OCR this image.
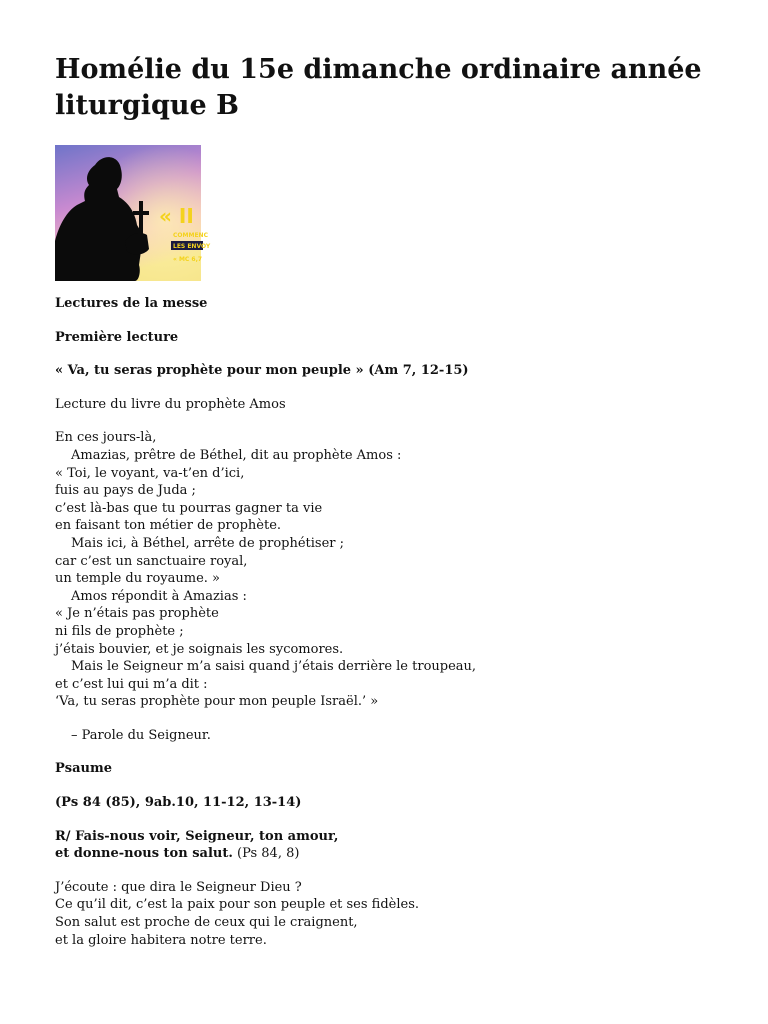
Homélie du 15e dimanche ordinaire année liturgique B
« II
COMMENC
LES ENVOY
« MC 6,7

Lectures de la messe

Première lecture

« Va, tu seras prophète pour mon peuple » (Am 7, 12-15)

Lecture du livre du prophète Amos

En ces jours-là,
Amazias, prêtre de Béthel, dit au prophète Amos :
« Toi, le voyant, va-t’en d’ici,
fuis au pays de Juda ;
c’est là-bas que tu pourras gagner ta vie
en faisant ton métier de prophète.
Mais ici, à Béthel, arrête de prophétiser ;
car c’est un sanctuaire royal,
un temple du royaume. »
Amos répondit à Amazias :
« Je n’étais pas prophète
ni fils de prophète ;
j’étais bouvier, et je soignais les sycomores.
Mais le Seigneur m’a saisi quand j’étais derrière le troupeau,
et c’est lui qui m’a dit :
‘Va, tu seras prophète pour mon peuple Israël.’ »

– Parole du Seigneur.

Psaume

(Ps 84 (85), 9ab.10, 11-12, 13-14)

R/ Fais-nous voir, Seigneur, ton amour,
et donne-nous ton salut. (Ps 84, 8)

J’écoute : que dira le Seigneur Dieu ?
Ce qu’il dit, c’est la paix pour son peuple et ses fidèles.
Son salut est proche de ceux qui le craignent,
et la gloire habitera notre terre.
